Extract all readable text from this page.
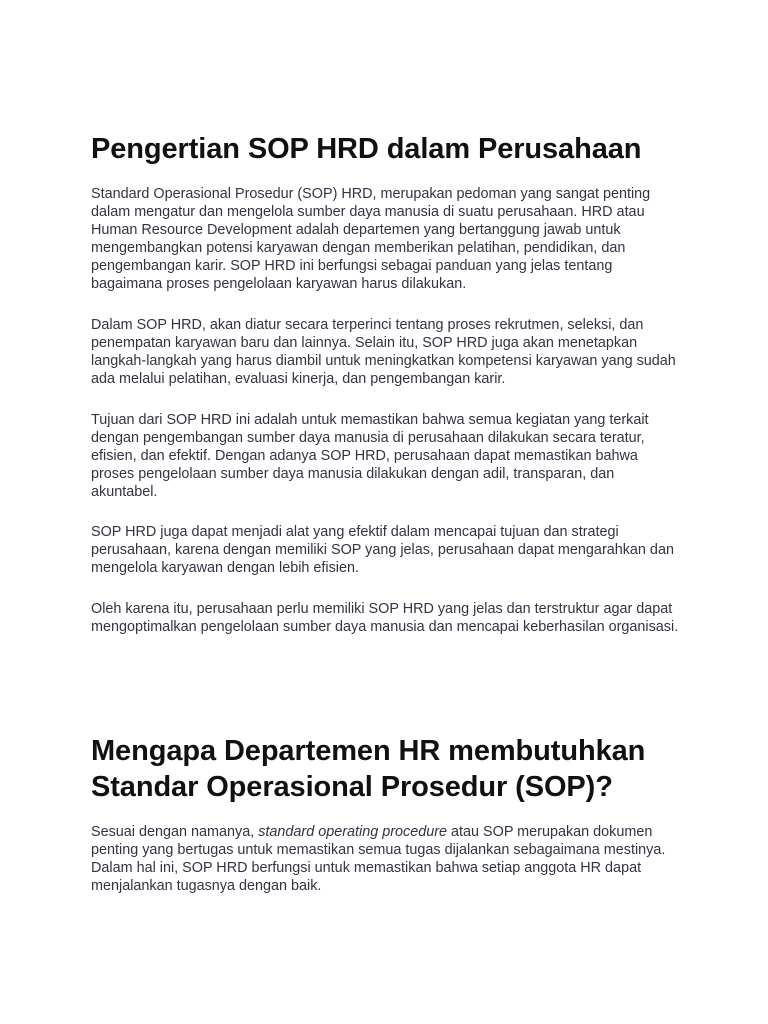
Pengertian SOP HRD dalam Perusahaan

Standard Operasional Prosedur (SOP) HRD, merupakan pedoman yang sangat penting dalam mengatur dan mengelola sumber daya manusia di suatu perusahaan. HRD atau Human Resource Development adalah departemen yang bertanggung jawab untuk mengembangkan potensi karyawan dengan memberikan pelatihan, pendidikan, dan pengembangan karir. SOP HRD ini berfungsi sebagai panduan yang jelas tentang bagaimana proses pengelolaan karyawan harus dilakukan.

Dalam SOP HRD, akan diatur secara terperinci tentang proses rekrutmen, seleksi, dan penempatan karyawan baru dan lainnya. Selain itu, SOP HRD juga akan menetapkan langkah-langkah yang harus diambil untuk meningkatkan kompetensi karyawan yang sudah ada melalui pelatihan, evaluasi kinerja, dan pengembangan karir.

Tujuan dari SOP HRD ini adalah untuk memastikan bahwa semua kegiatan yang terkait dengan pengembangan sumber daya manusia di perusahaan dilakukan secara teratur, efisien, dan efektif. Dengan adanya SOP HRD, perusahaan dapat memastikan bahwa proses pengelolaan sumber daya manusia dilakukan dengan adil, transparan, dan akuntabel.

SOP HRD juga dapat menjadi alat yang efektif dalam mencapai tujuan dan strategi perusahaan, karena dengan memiliki SOP yang jelas, perusahaan dapat mengarahkan dan mengelola karyawan dengan lebih efisien.

Oleh karena itu, perusahaan perlu memiliki SOP HRD yang jelas dan terstruktur agar dapat mengoptimalkan pengelolaan sumber daya manusia dan mencapai keberhasilan organisasi.

Mengapa Departemen HR membutuhkan
Standar Operasional Prosedur (SOP)?

Sesuai dengan namanya, standard operating procedure atau SOP merupakan dokumen penting yang bertugas untuk memastikan semua tugas dijalankan sebagaimana mestinya. Dalam hal ini, SOP HRD berfungsi untuk memastikan bahwa setiap anggota HR dapat menjalankan tugasnya dengan baik.
